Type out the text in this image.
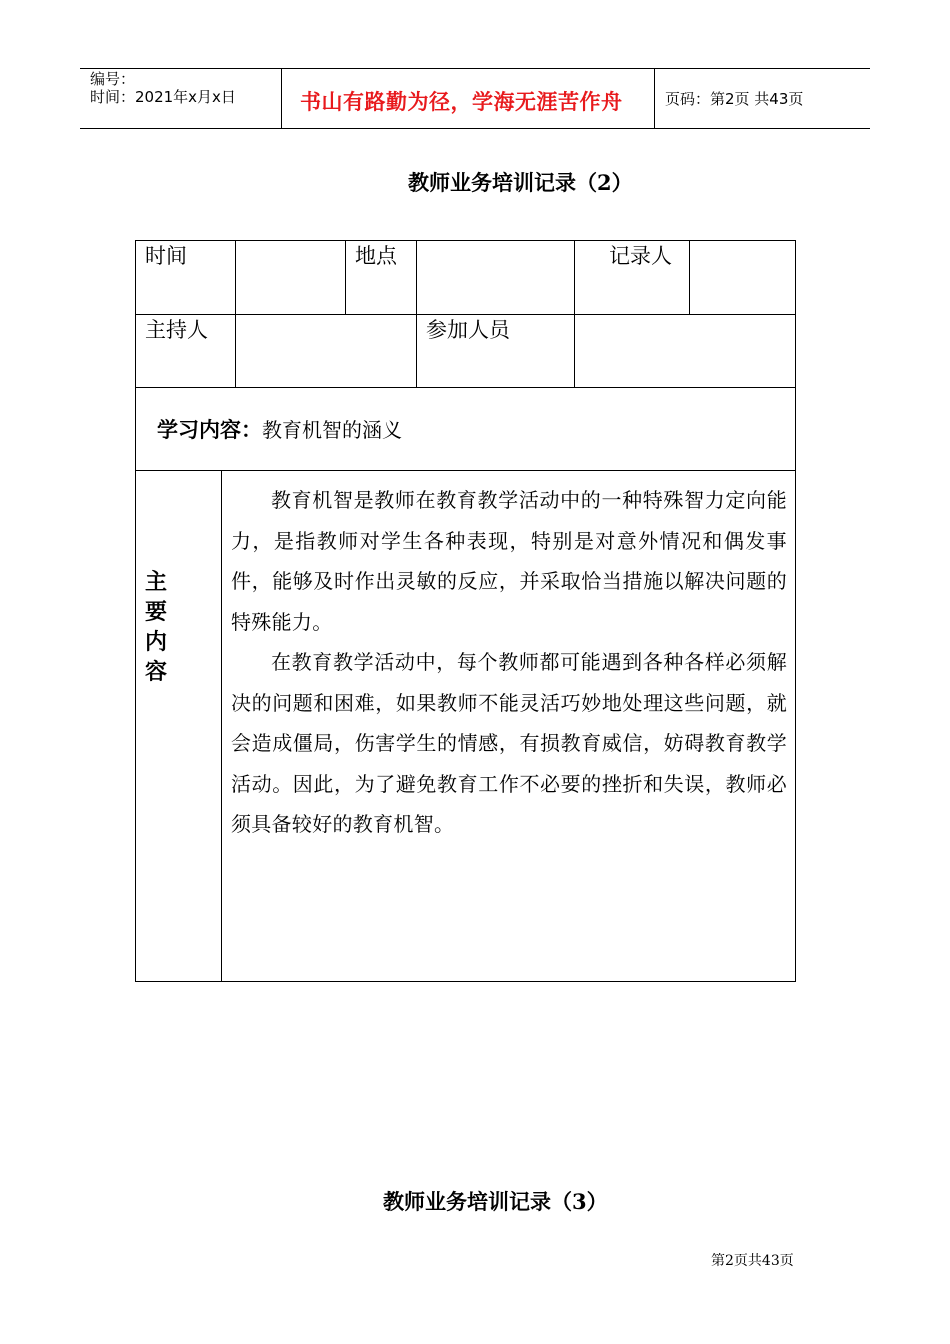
编号：
时间：2021年x月x日	书山有路勤为径，学海无涯苦作舟	页码：第2页 共43页
教师业务培训记录（2）
时间	地点	记录人
主持人	参加人员
学习内容：教育机智的涵义
主要内容

教育机智是教师在教育教学活动中的一种特殊智力定向能力，是指教师对学生各种表现，特别是对意外情况和偶发事件，能够及时作出灵敏的反应，并采取恰当措施以解决问题的特殊能力。

在教育教学活动中，每个教师都可能遇到各种各样必须解决的问题和困难，如果教师不能灵活巧妙地处理这些问题，就会造成僵局，伤害学生的情感，有损教育威信，妨碍教育教学活动。因此，为了避免教育工作不必要的挫折和失误，教师必须具备较好的教育机智。

教师业务培训记录（3）
第2页共43页
